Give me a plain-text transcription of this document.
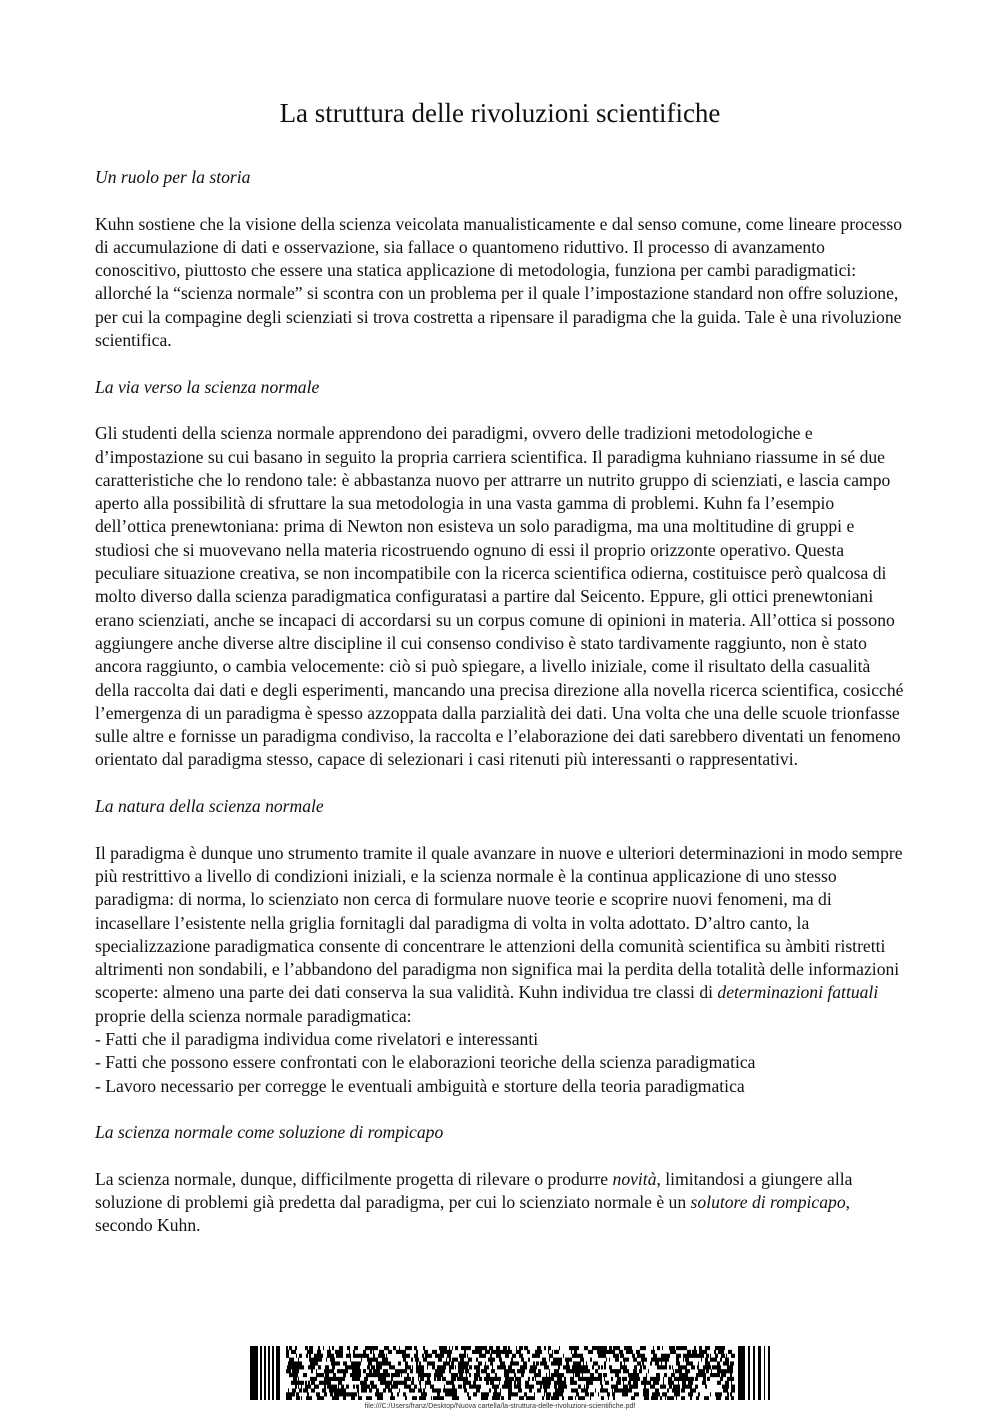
La struttura delle rivoluzioni scientifiche

Un ruolo per la storia

Kuhn sostiene che la visione della scienza veicolata manualisticamente e dal senso comune, come lineare processo di accumulazione di dati e osservazione, sia fallace o quantomeno riduttivo. Il processo di avanzamento conoscitivo, piuttosto che essere una statica applicazione di metodologia, funziona per cambi paradigmatici: allorché la “scienza normale” si scontra con un problema per il quale l’impostazione standard non offre soluzione, per cui la compagine degli scienziati si trova costretta a ripensare il paradigma che la guida. Tale è una rivoluzione scientifica.

La via verso la scienza normale

Gli studenti della scienza normale apprendono dei paradigmi, ovvero delle tradizioni metodologiche e d’impostazione su cui basano in seguito la propria carriera scientifica. Il paradigma kuhniano riassume in sé due caratteristiche che lo rendono tale: è abbastanza nuovo per attrarre un nutrito gruppo di scienziati, e lascia campo aperto alla possibilità di sfruttare la sua metodologia in una vasta gamma di problemi. Kuhn fa l’esempio dell’ottica prenewtoniana: prima di Newton non esisteva un solo paradigma, ma una moltitudine di gruppi e studiosi che si muovevano nella materia ricostruendo ognuno di essi il proprio orizzonte operativo. Questa peculiare situazione creativa, se non incompatibile con la ricerca scientifica odierna, costituisce però qualcosa di molto diverso dalla scienza paradigmatica configuratasi a partire dal Seicento. Eppure, gli ottici prenewtoniani erano scienziati, anche se incapaci di accordarsi su un corpus comune di opinioni in materia. All’ottica si possono aggiungere anche diverse altre discipline il cui consenso condiviso è stato tardivamente raggiunto, non è stato ancora raggiunto, o cambia velocemente: ciò si può spiegare, a livello iniziale, come il risultato della casualità della raccolta dai dati e degli esperimenti, mancando una precisa direzione alla novella ricerca scientifica, cosicché l’emergenza di un paradigma è spesso azzoppata dalla parzialità dei dati. Una volta che una delle scuole trionfasse sulle altre e fornisse un paradigma condiviso, la raccolta e l’elaborazione dei dati sarebbero diventati un fenomeno orientato dal paradigma stesso, capace di selezionari i casi ritenuti più interessanti o rappresentativi.

La natura della scienza normale

Il paradigma è dunque uno strumento tramite il quale avanzare in nuove e ulteriori determinazioni in modo sempre più restrittivo a livello di condizioni iniziali, e la scienza normale è la continua applicazione di uno stesso paradigma: di norma, lo scienziato non cerca di formulare nuove teorie e scoprire nuovi fenomeni, ma di incasellare l’esistente nella griglia fornitagli dal paradigma di volta in volta adottato. D’altro canto, la specializzazione paradigmatica consente di concentrare le attenzioni della comunità scientifica su àmbiti ristretti altrimenti non sondabili, e l’abbandono del paradigma non significa mai la perdita della totalità delle informazioni scoperte: almeno una parte dei dati conserva la sua validità. Kuhn individua tre classi di determinazioni fattuali proprie della scienza normale paradigmatica:

- Fatti che il paradigma individua come rivelatori e interessanti

- Fatti che possono essere confrontati con le elaborazioni teoriche della scienza paradigmatica

- Lavoro necessario per corregge le eventuali ambiguità e storture della teoria paradigmatica

La scienza normale come soluzione di rompicapo

La scienza normale, dunque, difficilmente progetta di rilevare o produrre novità, limitandosi a giungere alla soluzione di problemi già predetta dal paradigma, per cui lo scienziato normale è un solutore di rompicapo, secondo Kuhn.

file:///C:/Users/franz/Desktop/Nuova cartella/la-struttura-delle-rivoluzioni-scientifiche.pdf
